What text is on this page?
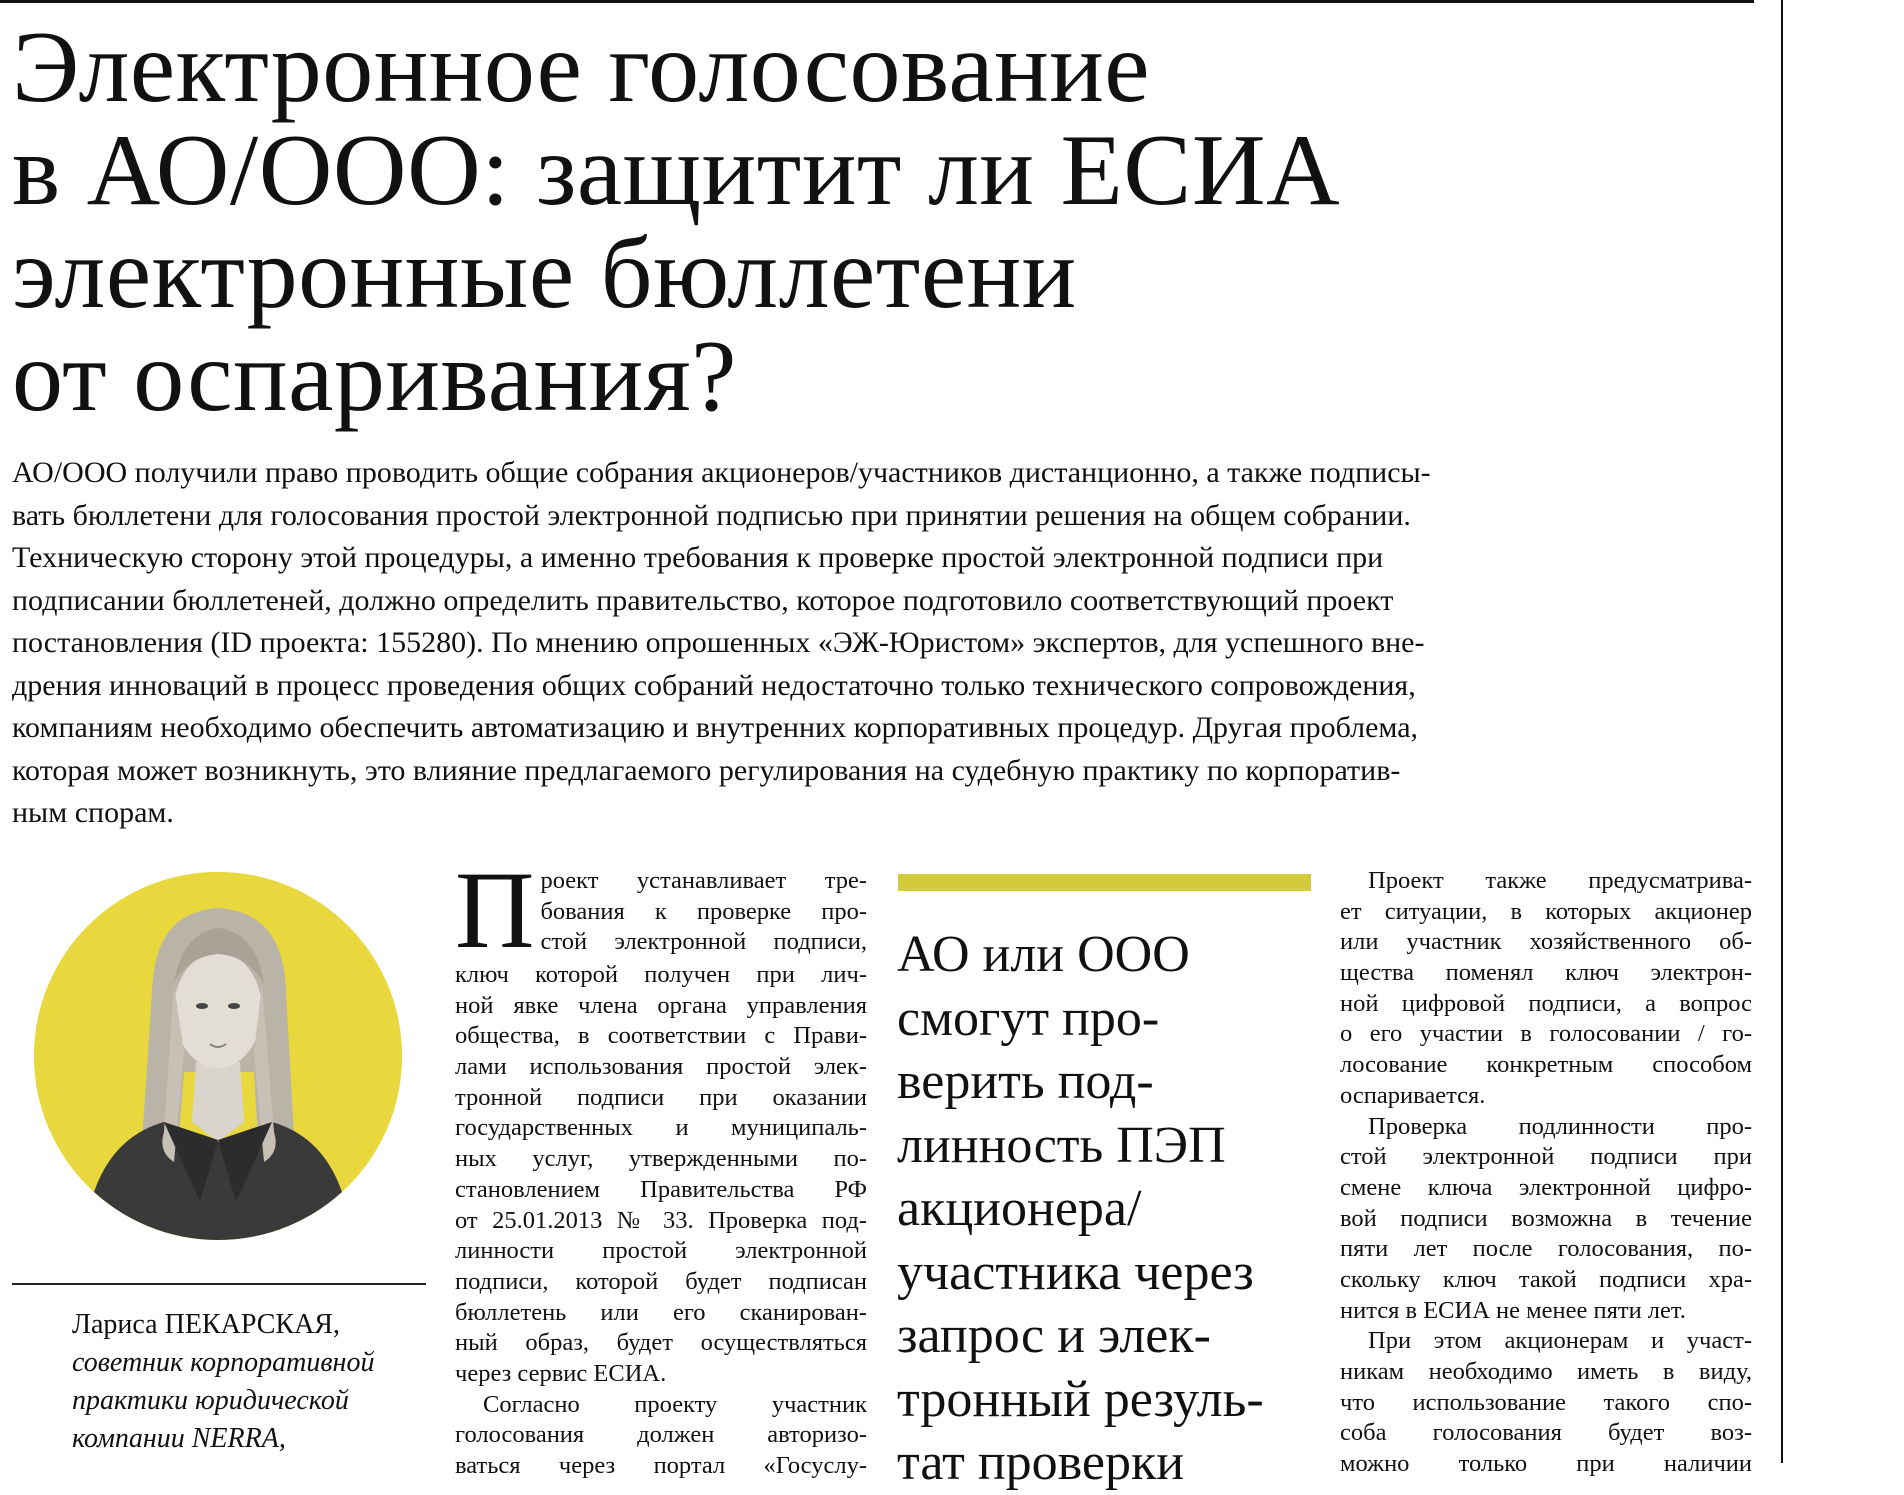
Электронное голосование
в АО/ООО: защитит ли ЕСИА
электронные бюллетени
от оспаривания?

АО/ООО получили право проводить общие собрания акционеров/участников дистанционно, а также подписы-
вать бюллетени для голосования простой электронной подписью при принятии решения на общем собрании.
Техническую сторону этой процедуры, а именно требования к проверке простой электронной подписи при
подписании бюллетеней, должно определить правительство, которое подготовило соответствующий проект
постановления (ID проекта: 155280). По мнению опрошенных «ЭЖ-Юристом» экспертов, для успешного вне-
дрения инноваций в процесс проведения общих собраний недостаточно только технического сопровождения,
компаниям необходимо обеспечить автоматизацию и внутренних корпоративных процедур. Другая проблема,
которая может возникнуть, это влияние предлагаемого регулирования на судебную практику по корпоратив-
ным спорам.

Лариса ПЕКАРСКАЯ,
советник корпоративной
практики юридической
компании NERRA,
П роект устанавливает тре-
бования к проверке про-
стой электронной подписи,
ключ которой получен при лич-
ной явке члена органа управления
общества, в соответствии с Прави-
лами использования простой элек-
тронной подписи при оказании
государственных и муниципаль-
ных услуг, утвержденными по-
становлением Правительства РФ
от 25.01.2013 № 33. Проверка под-
линности простой электронной
подписи, которой будет подписан
бюллетень или его сканирован-
ный образ, будет осуществляться
через сервис ЕСИА.
Согласно проекту участник
голосования должен авторизо-
ваться через портал «Госуслу-
АО или ООО
смогут про-
верить под-
линность ПЭП
акционера/
участника через
запрос и элек-
тронный резуль-
тат проверки
Проект также предусматрива-
ет ситуации, в которых акционер
или участник хозяйственного об-
щества поменял ключ электрон-
ной цифровой подписи, а вопрос
о его участии в голосовании / го-
лосование конкретным способом
оспаривается.
Проверка подлинности про-
стой электронной подписи при
смене ключа электронной цифро-
вой подписи возможна в течение
пяти лет после голосования, по-
скольку ключ такой подписи хра-
нится в ЕСИА не менее пяти лет.
При этом акционерам и участ-
никам необходимо иметь в виду,
что использование такого спо-
соба голосования будет воз-
можно только при наличии
